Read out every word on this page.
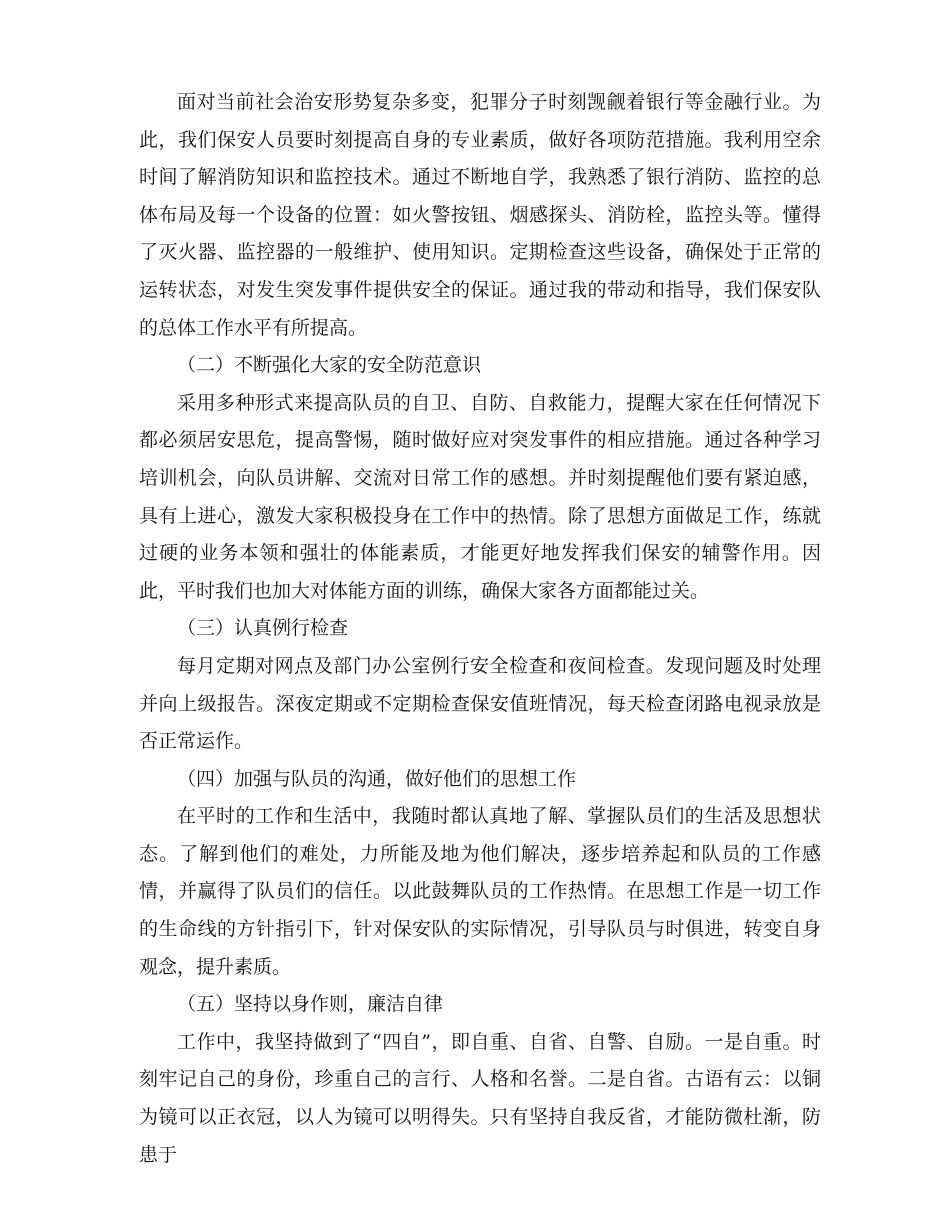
面对当前社会治安形势复杂多变，犯罪分子时刻觊觎着银行等金融行业。为此，我们保安人员要时刻提高自身的专业素质，做好各项防范措施。我利用空余时间了解消防知识和监控技术。通过不断地自学，我熟悉了银行消防、监控的总体布局及每一个设备的位置：如火警按钮、烟感探头、消防栓，监控头等。懂得了灭火器、监控器的一般维护、使用知识。定期检查这些设备，确保处于正常的运转状态，对发生突发事件提供安全的保证。通过我的带动和指导，我们保安队的总体工作水平有所提高。

（二）不断强化大家的安全防范意识

采用多种形式来提高队员的自卫、自防、自救能力，提醒大家在任何情况下都必须居安思危，提高警惕，随时做好应对突发事件的相应措施。通过各种学习培训机会，向队员讲解、交流对日常工作的感想。并时刻提醒他们要有紧迫感，具有上进心，激发大家积极投身在工作中的热情。除了思想方面做足工作，练就过硬的业务本领和强壮的体能素质，才能更好地发挥我们保安的辅警作用。因此，平时我们也加大对体能方面的训练，确保大家各方面都能过关。

（三）认真例行检查

每月定期对网点及部门办公室例行安全检查和夜间检查。发现问题及时处理并向上级报告。深夜定期或不定期检查保安值班情况，每天检查闭路电视录放是否正常运作。

（四）加强与队员的沟通，做好他们的思想工作

在平时的工作和生活中，我随时都认真地了解、掌握队员们的生活及思想状态。了解到他们的难处，力所能及地为他们解决，逐步培养起和队员的工作感情，并赢得了队员们的信任。以此鼓舞队员的工作热情。在思想工作是一切工作的生命线的方针指引下，针对保安队的实际情况，引导队员与时俱进，转变自身观念，提升素质。

（五）坚持以身作则，廉洁自律

工作中，我坚持做到了“四自”，即自重、自省、自警、自励。一是自重。时刻牢记自己的身份，珍重自己的言行、人格和名誉。二是自省。古语有云：以铜为镜可以正衣冠，以人为镜可以明得失。只有坚持自我反省，才能防微杜渐，防患于
